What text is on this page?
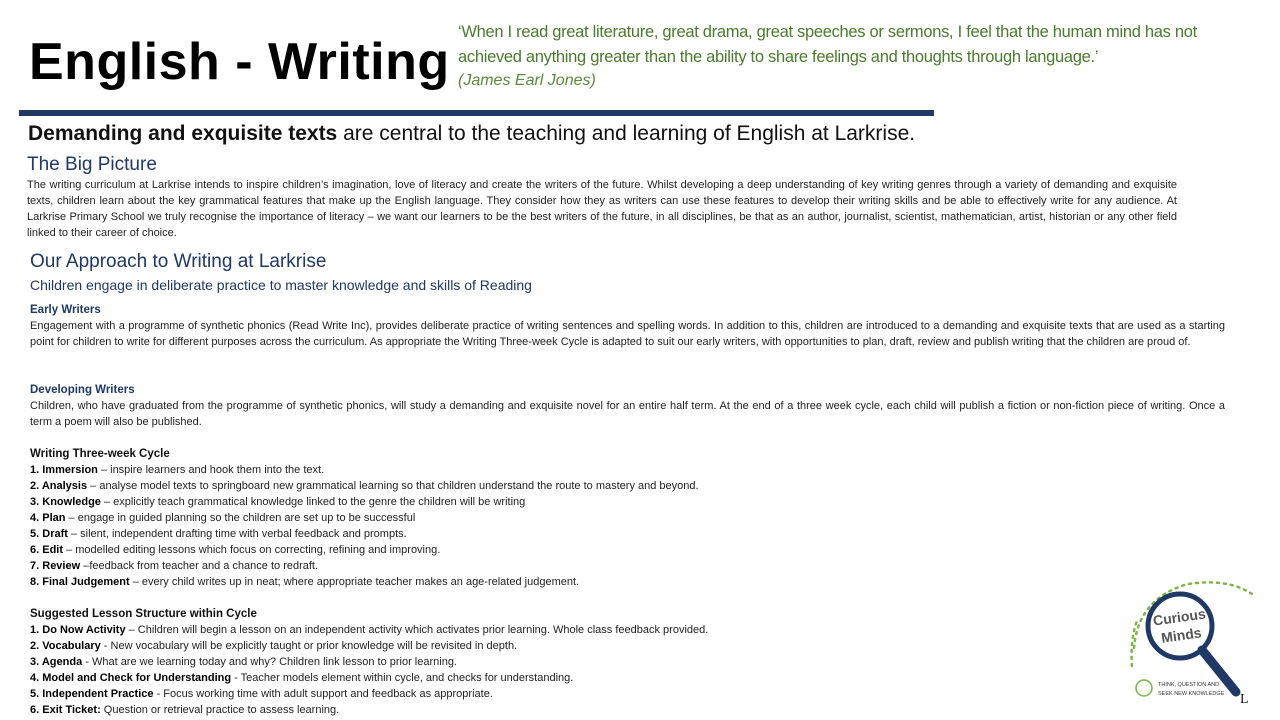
English - Writing
‘When I read great literature, great drama, great speeches or sermons, I feel that the human mind has not achieved anything greater than the ability to share feelings and thoughts through language.’
(James Earl Jones)
Demanding and exquisite texts are central to the teaching and learning of English at Larkrise.
The Big Picture
The writing curriculum at Larkrise intends to inspire children’s imagination, love of literacy and create the writers of the future. Whilst developing a deep understanding of key writing genres through a variety of demanding and exquisite texts, children learn about the key grammatical features that make up the English language. They consider how they as writers can use these features to develop their writing skills and be able to effectively write for any audience. At Larkrise Primary School we truly recognise the importance of literacy – we want our learners to be the best writers of the future, in all disciplines, be that as an author, journalist, scientist, mathematician, artist, historian or any other field linked to their career of choice.
Our Approach to Writing at Larkrise
Children engage in deliberate practice to master knowledge and skills of Reading
Early Writers
Engagement with a programme of synthetic phonics (Read Write Inc), provides deliberate practice of writing sentences and spelling words. In addition to this, children are introduced to a demanding and exquisite texts that are used as a starting point for children to write for different purposes across the curriculum. As appropriate the Writing Three-week Cycle is adapted to suit our early writers, with opportunities to plan, draft, review and publish writing that the children are proud of.
Developing Writers
Children, who have graduated from the programme of synthetic phonics, will study a demanding and exquisite novel for an entire half term. At the end of a three week cycle, each child will publish a fiction or non-fiction piece of writing. Once a term a poem will also be published.
Writing Three-week Cycle
1. Immersion – inspire learners and hook them into the text.
2. Analysis – analyse model texts to springboard new grammatical learning so that children understand the route to mastery and beyond.
3. Knowledge – explicitly teach grammatical knowledge linked to the genre the children will be writing
4. Plan – engage in guided planning so the children are set up to be successful
5. Draft – silent, independent drafting time with verbal feedback and prompts.
6. Edit – modelled editing lessons which focus on correcting, refining and improving.
7. Review –feedback from teacher and a chance to redraft.
8. Final Judgement – every child writes up in neat; where appropriate teacher makes an age-related judgement.
Suggested Lesson Structure within Cycle
1. Do Now Activity – Children will begin a lesson on an independent activity which activates prior learning. Whole class feedback provided.
2. Vocabulary - New vocabulary will be explicitly taught or prior knowledge will be revisited in depth.
3. Agenda - What are we learning today and why? Children link lesson to prior learning.
4. Model and Check for Understanding - Teacher models element within cycle, and checks for understanding.
5. Independent Practice - Focus working time with adult support and feedback as appropriate.
6. Exit Ticket: Question or retrieval practice to assess learning.
Curious
Minds
THINK, QUESTION AND
SEEK NEW KNOWLEDGE L
